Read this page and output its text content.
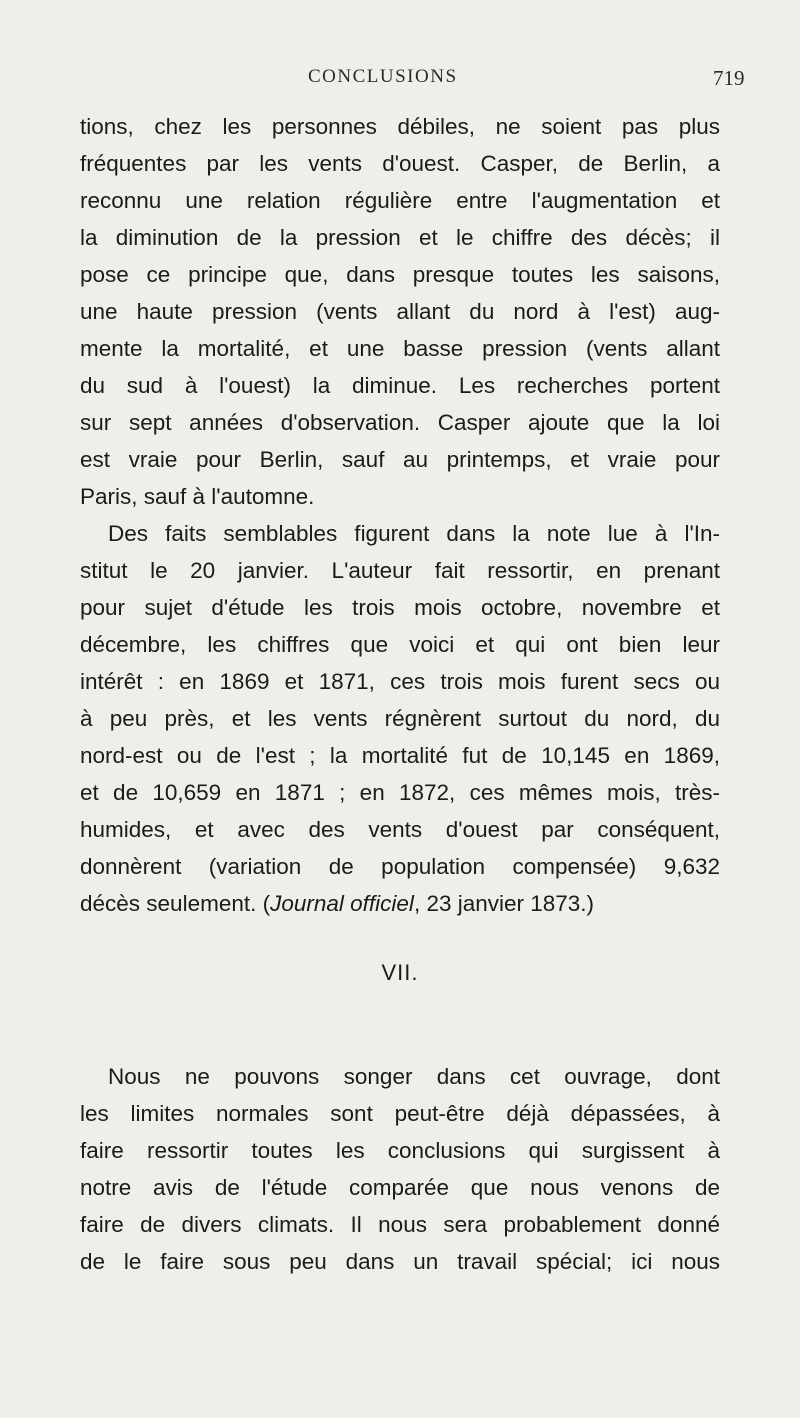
CONCLUSIONS	719
tions, chez les personnes débiles, ne soient pas plus
fréquentes par les vents d'ouest. Casper, de Berlin, a
reconnu une relation régulière entre l'augmentation et
la diminution de la pression et le chiffre des décès; il
pose ce principe que, dans presque toutes les saisons,
une haute pression (vents allant du nord à l'est) aug-
mente la mortalité, et une basse pression (vents allant
du sud à l'ouest) la diminue. Les recherches portent
sur sept années d'observation. Casper ajoute que la loi
est vraie pour Berlin, sauf au printemps, et vraie pour
Paris, sauf à l'automne.
Des faits semblables figurent dans la note lue à l'In-
stitut le 20 janvier. L'auteur fait ressortir, en prenant
pour sujet d'étude les trois mois octobre, novembre et
décembre, les chiffres que voici et qui ont bien leur
intérêt : en 1869 et 1871, ces trois mois furent secs ou
à peu près, et les vents régnèrent surtout du nord, du
nord-est ou de l'est ; la mortalité fut de 10,145 en 1869,
et de 10,659 en 1871 ; en 1872, ces mêmes mois, très-
humides, et avec des vents d'ouest par conséquent,
donnèrent (variation de population compensée) 9,632
décès seulement. (Journal officiel, 23 janvier 1873.)
VII.
Nous ne pouvons songer dans cet ouvrage, dont
les limites normales sont peut-être déjà dépassées, à
faire ressortir toutes les conclusions qui surgissent à
notre avis de l'étude comparée que nous venons de
faire de divers climats. Il nous sera probablement donné
de le faire sous peu dans un travail spécial; ici nous
